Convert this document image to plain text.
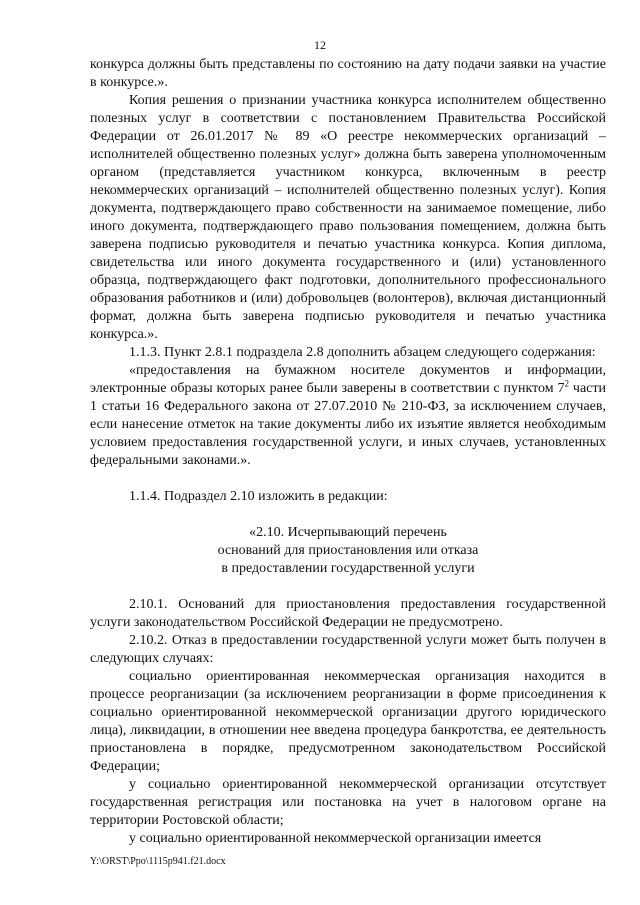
12

конкурса должны быть представлены по состоянию на дату подачи заявки на участие в конкурсе.».

Копия решения о признании участника конкурса исполнителем общественно полезных услуг в соответствии с постановлением Правительства Российской Федерации от 26.01.2017 № 89 «О реестре некоммерческих организаций – исполнителей общественно полезных услуг» должна быть заверена уполномоченным органом (представляется участником конкурса, включенным в реестр некоммерческих организаций – исполнителей общественно полезных услуг). Копия документа, подтверждающего право собственности на занимаемое помещение, либо иного документа, подтверждающего право пользования помещением, должна быть заверена подписью руководителя и печатью участника конкурса. Копия диплома, свидетельства или иного документа государственного и (или) установленного образца, подтверждающего факт подготовки, дополнительного профессионального образования работников и (или) добровольцев (волонтеров), включая дистанционный формат, должна быть заверена подписью руководителя и печатью участника конкурса.».

1.1.3. Пункт 2.8.1 подраздела 2.8 дополнить абзацем следующего содержания:

«предоставления на бумажном носителе документов и информации, электронные образы которых ранее были заверены в соответствии с пунктом $7^2$ части 1 статьи 16 Федерального закона от 27.07.2010 № 210-ФЗ, за исключением случаев, если нанесение отметок на такие документы либо их изъятие является необходимым условием предоставления государственной услуги, и иных случаев, установленных федеральными законами.».

1.1.4. Подраздел 2.10 изложить в редакции:

«2.10. Исчерпывающий перечень

оснований для приостановления или отказа

в предоставлении государственной услуги

2.10.1. Оснований для приостановления предоставления государственной услуги законодательством Российской Федерации не предусмотрено.

2.10.2. Отказ в предоставлении государственной услуги может быть получен в следующих случаях:

социально ориентированная некоммерческая организация находится в процессе реорганизации (за исключением реорганизации в форме присоединения к социально ориентированной некоммерческой организации другого юридического лица), ликвидации, в отношении нее введена процедура банкротства, ее деятельность приостановлена в порядке, предусмотренном законодательством Российской Федерации;

у социально ориентированной некоммерческой организации отсутствует государственная регистрация или постановка на учет в налоговом органе на территории Ростовской области;

у социально ориентированной некоммерческой организации имеется

Y:\ORST\Ppo\1115p941.f21.docx
